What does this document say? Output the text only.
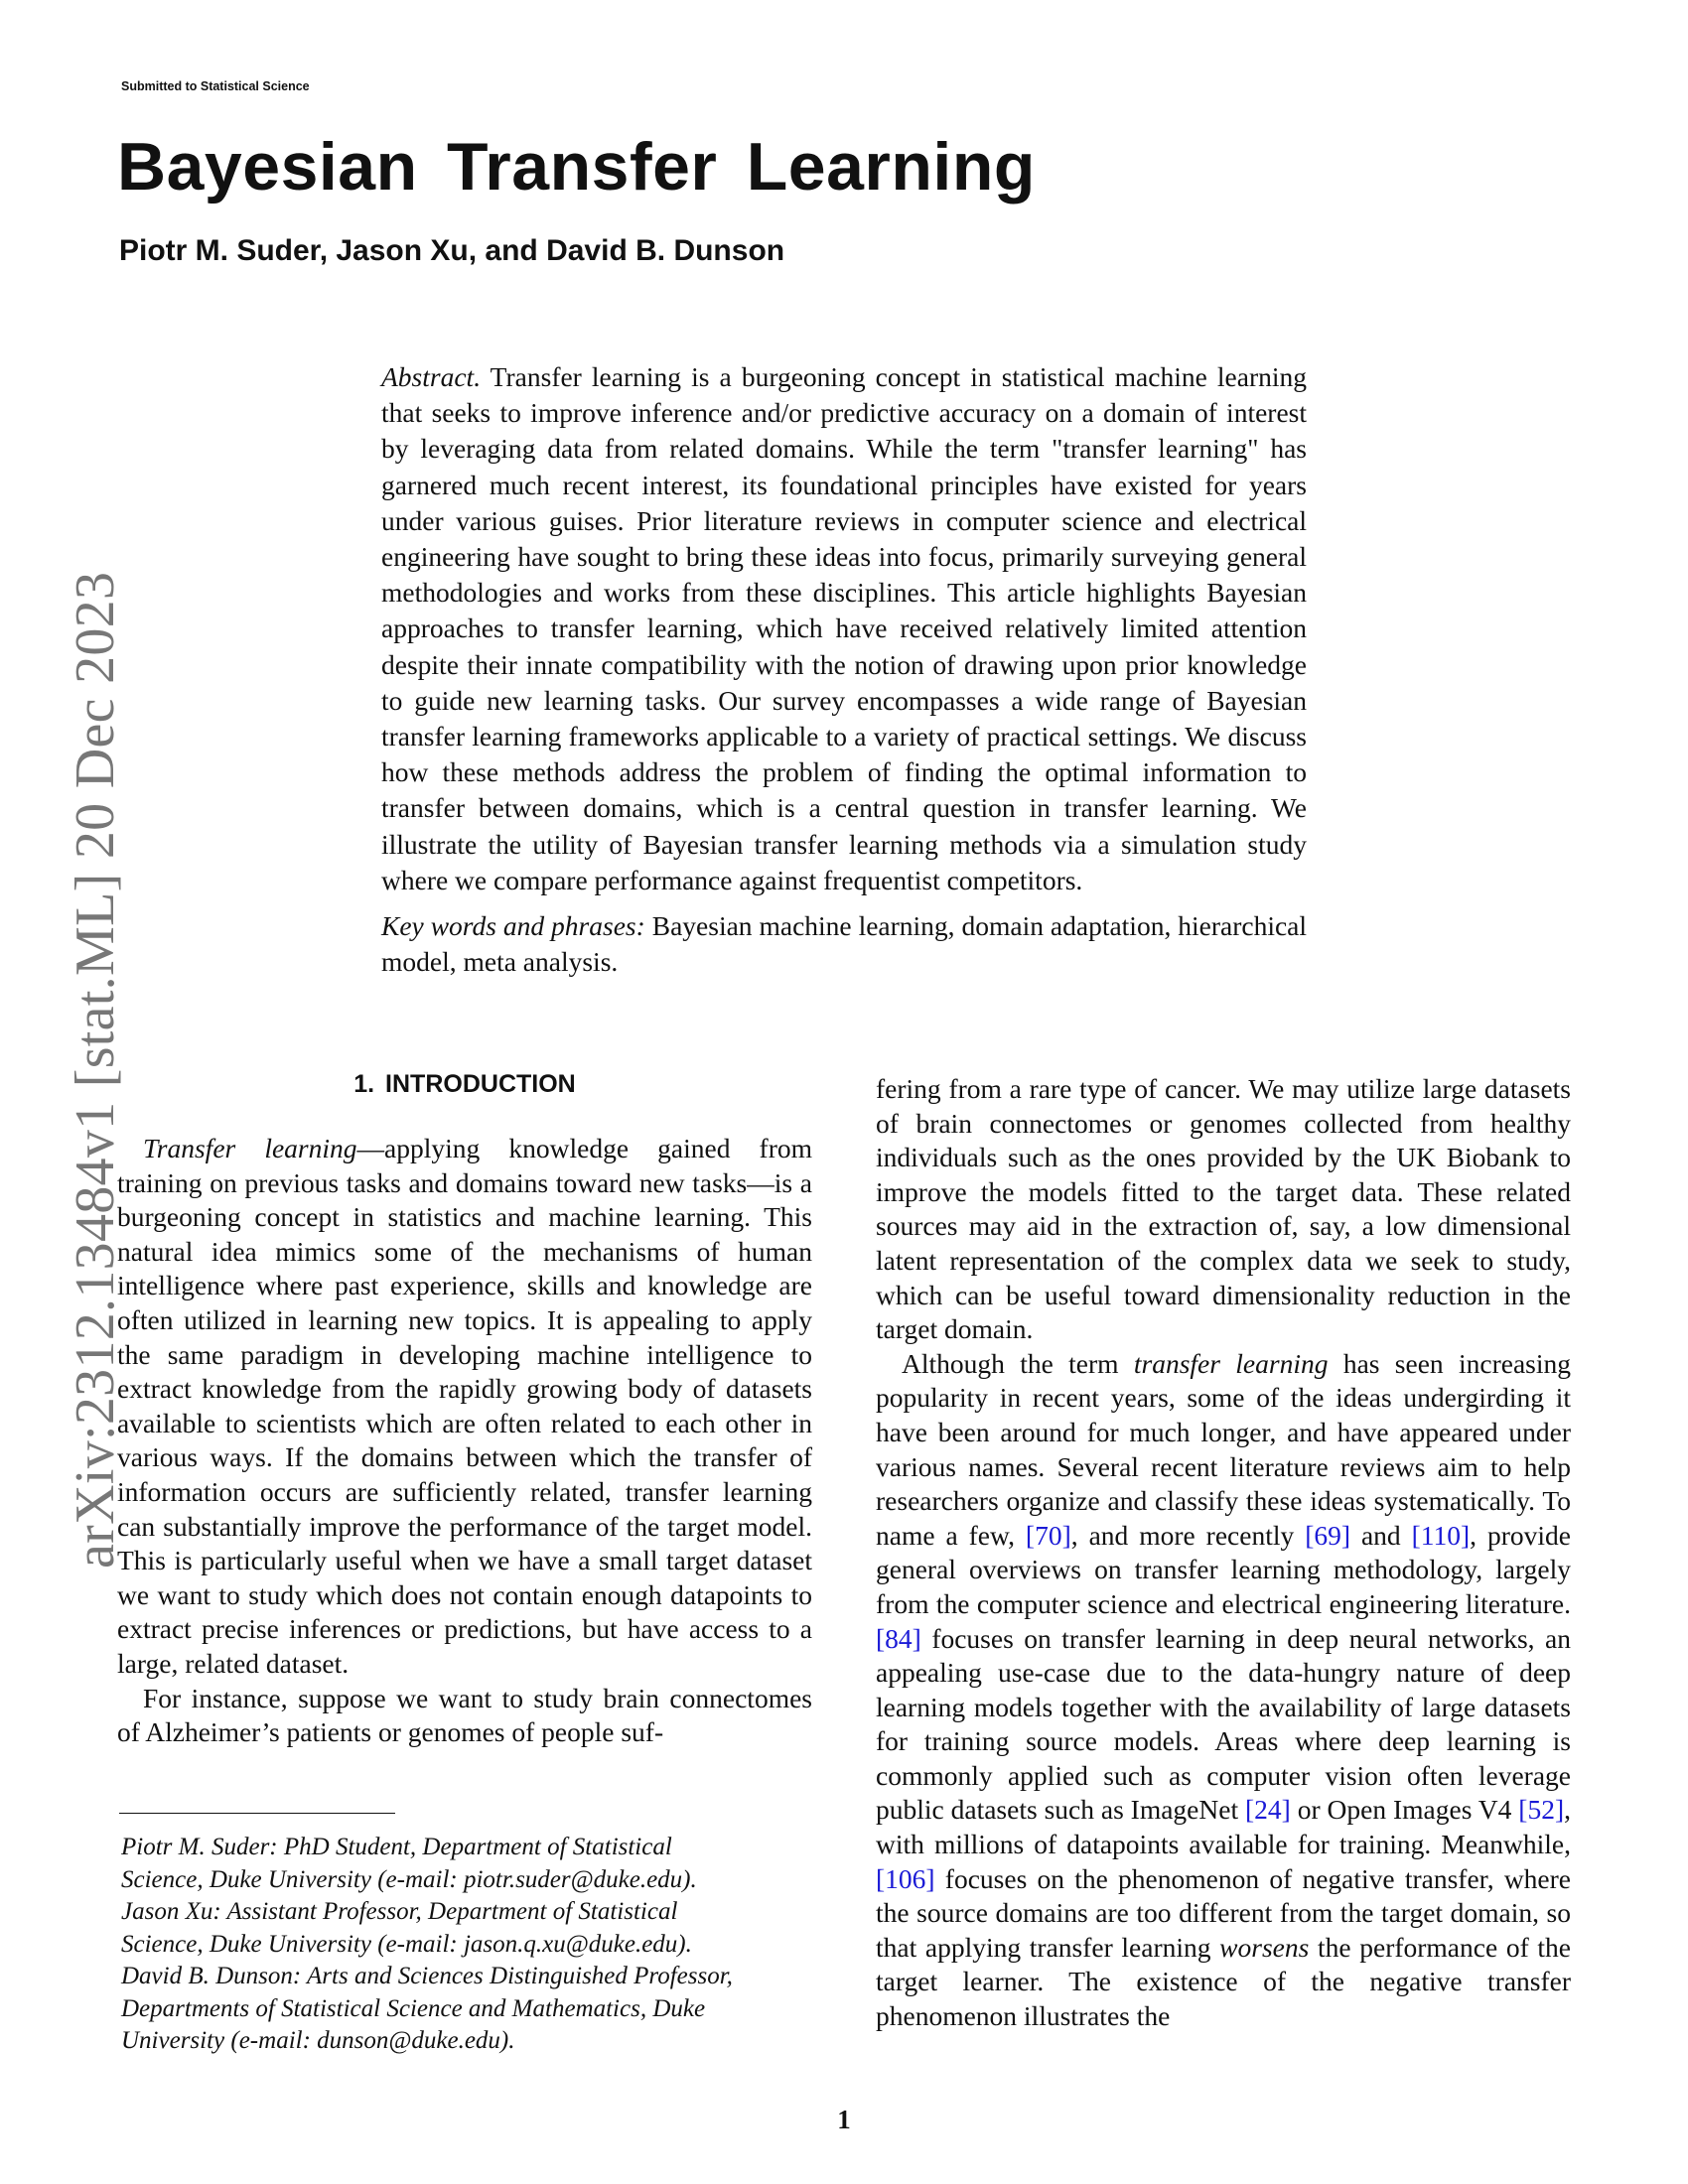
Submitted to Statistical Science
Bayesian Transfer Learning
Piotr M. Suder, Jason Xu, and David B. Dunson
arXiv:2312.13484v1 [stat.ML] 20 Dec 2023

Abstract. Transfer learning is a burgeoning concept in statistical machine learning that seeks to improve inference and/or predictive accuracy on a domain of interest by leveraging data from related domains. While the term "transfer learning" has garnered much recent interest, its foundational principles have existed for years under various guises. Prior literature reviews in computer science and electrical engineering have sought to bring these ideas into focus, primarily surveying general methodologies and works from these disciplines. This article highlights Bayesian approaches to transfer learning, which have received relatively limited attention despite their innate compatibility with the notion of drawing upon prior knowledge to guide new learning tasks. Our survey encompasses a wide range of Bayesian transfer learning frameworks applicable to a variety of practical settings. We discuss how these methods address the problem of finding the optimal information to transfer between domains, which is a central question in transfer learning. We illustrate the utility of Bayesian transfer learning methods via a simulation study where we compare performance against frequentist competitors.

Key words and phrases: Bayesian machine learning, domain adaptation, hierarchical model, meta analysis.

1. INTRODUCTION

Transfer learning—applying knowledge gained from training on previous tasks and domains toward new tasks—is a burgeoning concept in statistics and machine learning. This natural idea mimics some of the mechanisms of human intelligence where past experience, skills and knowledge are often utilized in learning new topics. It is appealing to apply the same paradigm in developing machine intelligence to extract knowledge from the rapidly growing body of datasets available to scientists which are often related to each other in various ways. If the domains between which the transfer of information occurs are sufficiently related, transfer learning can substantially improve the performance of the target model. This is particularly useful when we have a small target dataset we want to study which does not contain enough datapoints to extract precise inferences or predictions, but have access to a large, related dataset.

For instance, suppose we want to study brain connectomes of Alzheimer’s patients or genomes of people suf-

fering from a rare type of cancer. We may utilize large datasets of brain connectomes or genomes collected from healthy individuals such as the ones provided by the UK Biobank to improve the models fitted to the target data. These related sources may aid in the extraction of, say, a low dimensional latent representation of the complex data we seek to study, which can be useful toward dimensionality reduction in the target domain.

Although the term transfer learning has seen increasing popularity in recent years, some of the ideas undergirding it have been around for much longer, and have appeared under various names. Several recent literature reviews aim to help researchers organize and classify these ideas systematically. To name a few, [70], and more recently [69] and [110], provide general overviews on transfer learning methodology, largely from the computer science and electrical engineering literature. [84] focuses on transfer learning in deep neural networks, an appealing use-case due to the data-hungry nature of deep learning models together with the availability of large datasets for training source models. Areas where deep learning is commonly applied such as computer vision often leverage public datasets such as ImageNet [24] or Open Images V4 [52], with millions of datapoints available for training. Meanwhile, [106] focuses on the phenomenon of negative transfer, where the source domains are too different from the target domain, so that applying transfer learning worsens the performance of the target learner. The existence of the negative transfer phenomenon illustrates the

Piotr M. Suder: PhD Student, Department of Statistical
Science, Duke University (e-mail: piotr.suder@duke.edu).
Jason Xu: Assistant Professor, Department of Statistical
Science, Duke University (e-mail: jason.q.xu@duke.edu).
David B. Dunson: Arts and Sciences Distinguished Professor,
Departments of Statistical Science and Mathematics, Duke
University (e-mail: dunson@duke.edu).
1
